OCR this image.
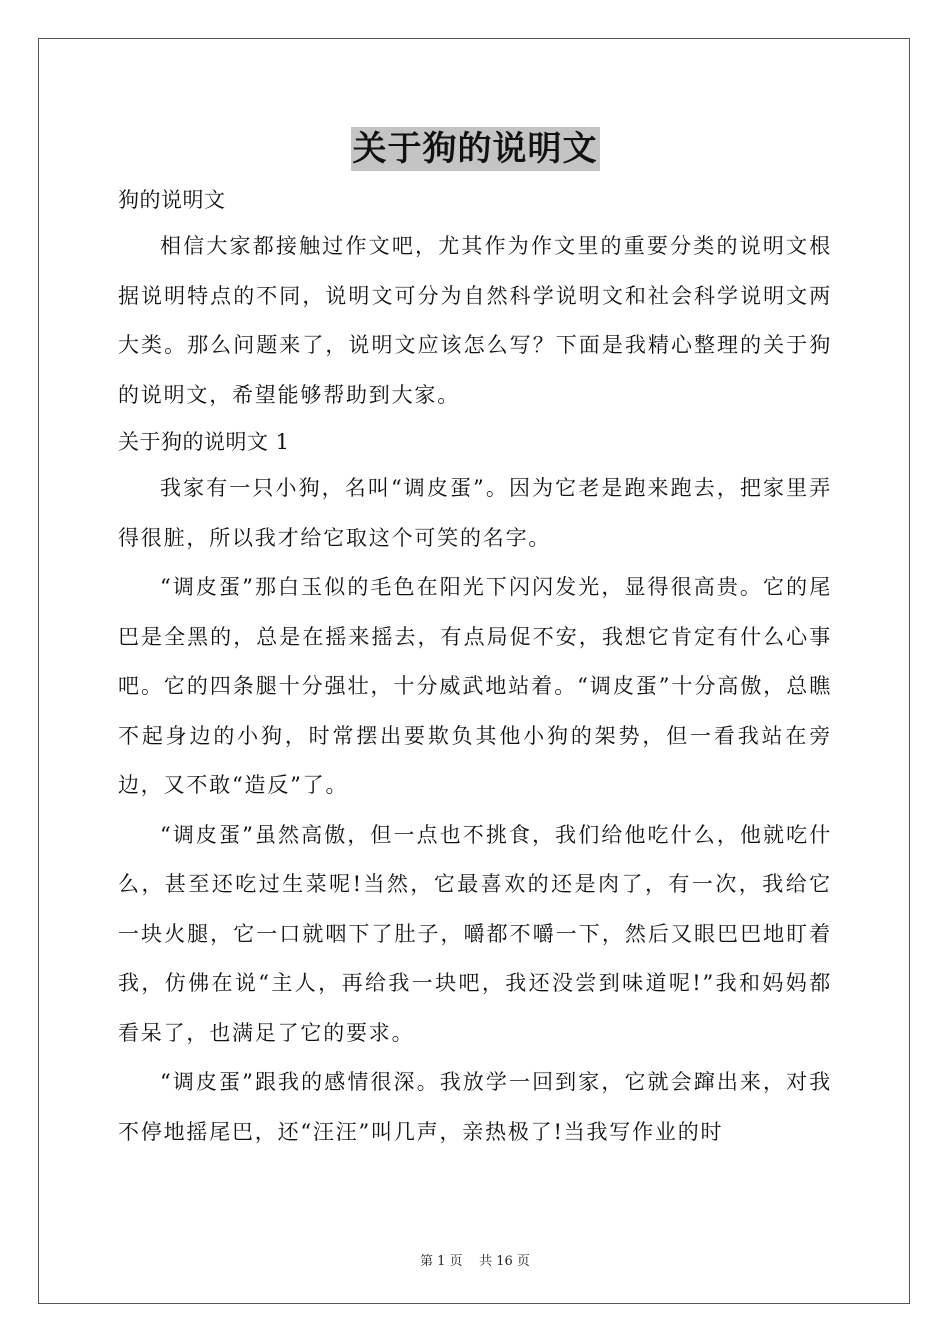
关于狗的说明文

狗的说明文

相信大家都接触过作文吧，尤其作为作文里的重要分类的说明文根据说明特点的不同，说明文可分为自然科学说明文和社会科学说明文两大类。那么问题来了，说明文应该怎么写？下面是我精心整理的关于狗的说明文，希望能够帮助到大家。

关于狗的说明文 1

我家有一只小狗，名叫“调皮蛋”。因为它老是跑来跑去，把家里弄得很脏，所以我才给它取这个可笑的名字。

“调皮蛋”那白玉似的毛色在阳光下闪闪发光，显得很高贵。它的尾巴是全黑的，总是在摇来摇去，有点局促不安，我想它肯定有什么心事吧。它的四条腿十分强壮，十分威武地站着。“调皮蛋”十分高傲，总瞧不起身边的小狗，时常摆出要欺负其他小狗的架势，但一看我站在旁边，又不敢“造反”了。

“调皮蛋”虽然高傲，但一点也不挑食，我们给他吃什么，他就吃什么，甚至还吃过生菜呢!当然，它最喜欢的还是肉了，有一次，我给它一块火腿，它一口就咽下了肚子，嚼都不嚼一下，然后又眼巴巴地盯着我，仿佛在说“主人，再给我一块吧，我还没尝到味道呢!”我和妈妈都看呆了，也满足了它的要求。

“调皮蛋”跟我的感情很深。我放学一回到家，它就会蹿出来，对我不停地摇尾巴，还“汪汪”叫几声，亲热极了!当我写作业的时

第 1 页 共 16 页
